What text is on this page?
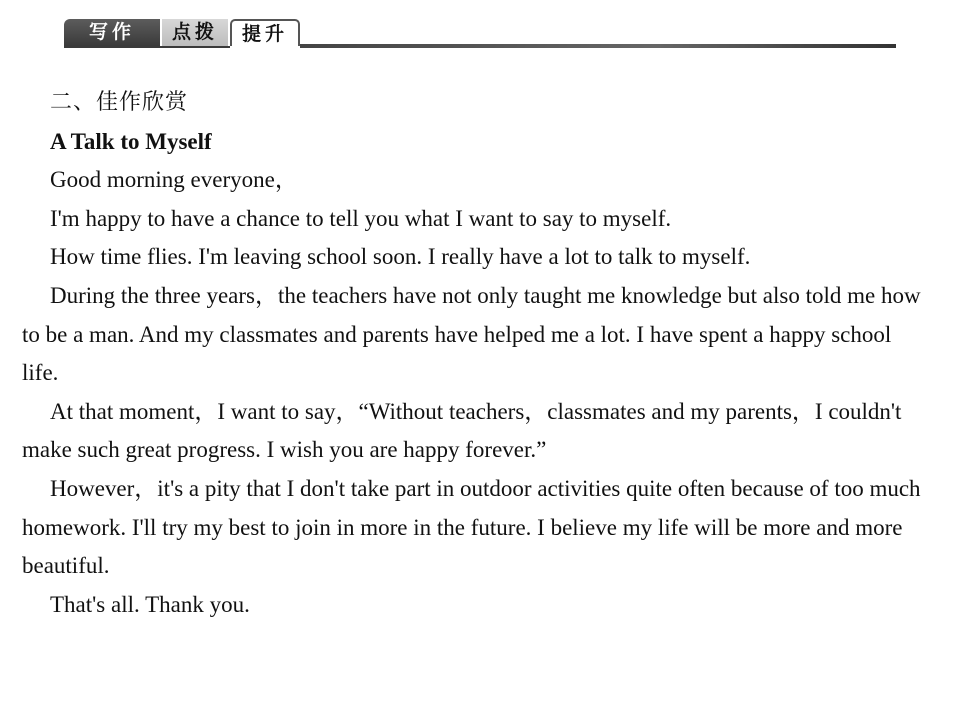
写作	点拨	提升

二、佳作欣赏

A Talk to Myself

Good morning everyone，

I'm happy to have a chance to tell you what I want to say to myself.

How time flies. I'm leaving school soon. I really have a lot to talk to myself.

During the three years，the teachers have not only taught me knowledge but also told me how to be a man. And my classmates and parents have helped me a lot. I have spent a happy school life.

At that moment，I want to say，“Without teachers，classmates and my parents，I couldn't make such great progress. I wish you are happy forever.”

However，it's a pity that I don't take part in outdoor activities quite often because of too much homework. I'll try my best to join in more in the future. I believe my life will be more and more beautiful.

That's all. Thank you.
